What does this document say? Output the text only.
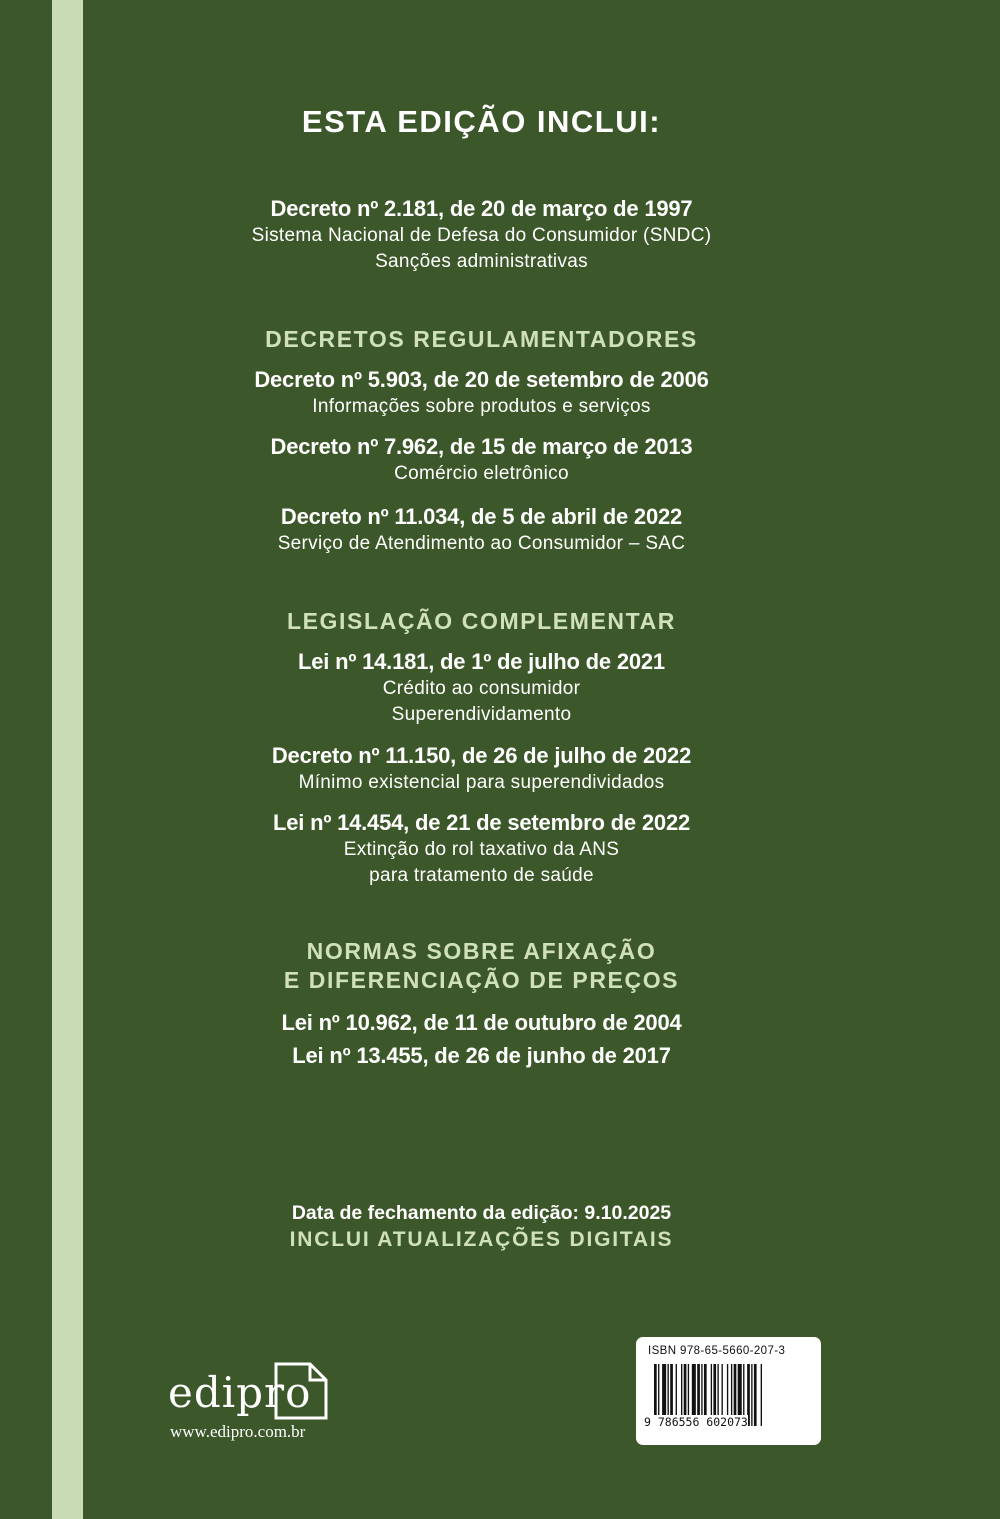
ESTA EDIÇÃO INCLUI:
Decreto nº 2.181, de 20 de março de 1997
Sistema Nacional de Defesa do Consumidor (SNDC)
Sanções administrativas
DECRETOS REGULAMENTADORES
Decreto nº 5.903, de 20 de setembro de 2006
Informações sobre produtos e serviços
Decreto nº 7.962, de 15 de março de 2013
Comércio eletrônico
Decreto nº 11.034, de 5 de abril de 2022
Serviço de Atendimento ao Consumidor – SAC
LEGISLAÇÃO COMPLEMENTAR
Lei nº 14.181, de 1º de julho de 2021
Crédito ao consumidor
Superendividamento
Decreto nº 11.150, de 26 de julho de 2022
Mínimo existencial para superendividados
Lei nº 14.454, de 21 de setembro de 2022
Extinção do rol taxativo da ANS
para tratamento de saúde
NORMAS SOBRE AFIXAÇÃO
E DIFERENCIAÇÃO DE PREÇOS
Lei nº 10.962, de 11 de outubro de 2004
Lei nº 13.455, de 26 de junho de 2017
Data de fechamento da edição: 9.10.2025
INCLUI ATUALIZAÇÕES DIGITAIS
edipro
www.edipro.com.br
ISBN 978-65-5660-207-3
9 786556 602073
